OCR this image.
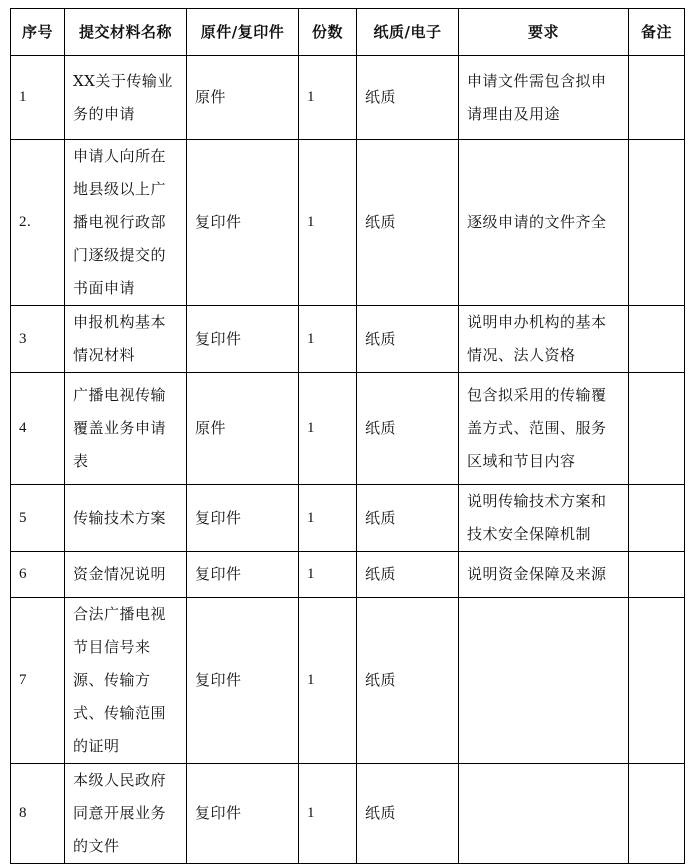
序号	提交材料名称	原件/复印件	份数	纸质/电子	要求	备注
1	XX关于传输业务的申请	原件	1	纸质	申请文件需包含拟申请理由及用途	
2.	申请人向所在地县级以上广播电视行政部门逐级提交的书面申请	复印件	1	纸质	逐级申请的文件齐全	
3	申报机构基本情况材料	复印件	1	纸质	说明申办机构的基本情况、法人资格	
4	广播电视传输覆盖业务申请表	原件	1	纸质	包含拟采用的传输覆盖方式、范围、服务区域和节目内容	
5	传输技术方案	复印件	1	纸质	说明传输技术方案和技术安全保障机制	
6	资金情况说明	复印件	1	纸质	说明资金保障及来源	
7	合法广播电视节目信号来源、传输方式、传输范围的证明	复印件	1	纸质		
8	本级人民政府同意开展业务的文件	复印件	1	纸质		
